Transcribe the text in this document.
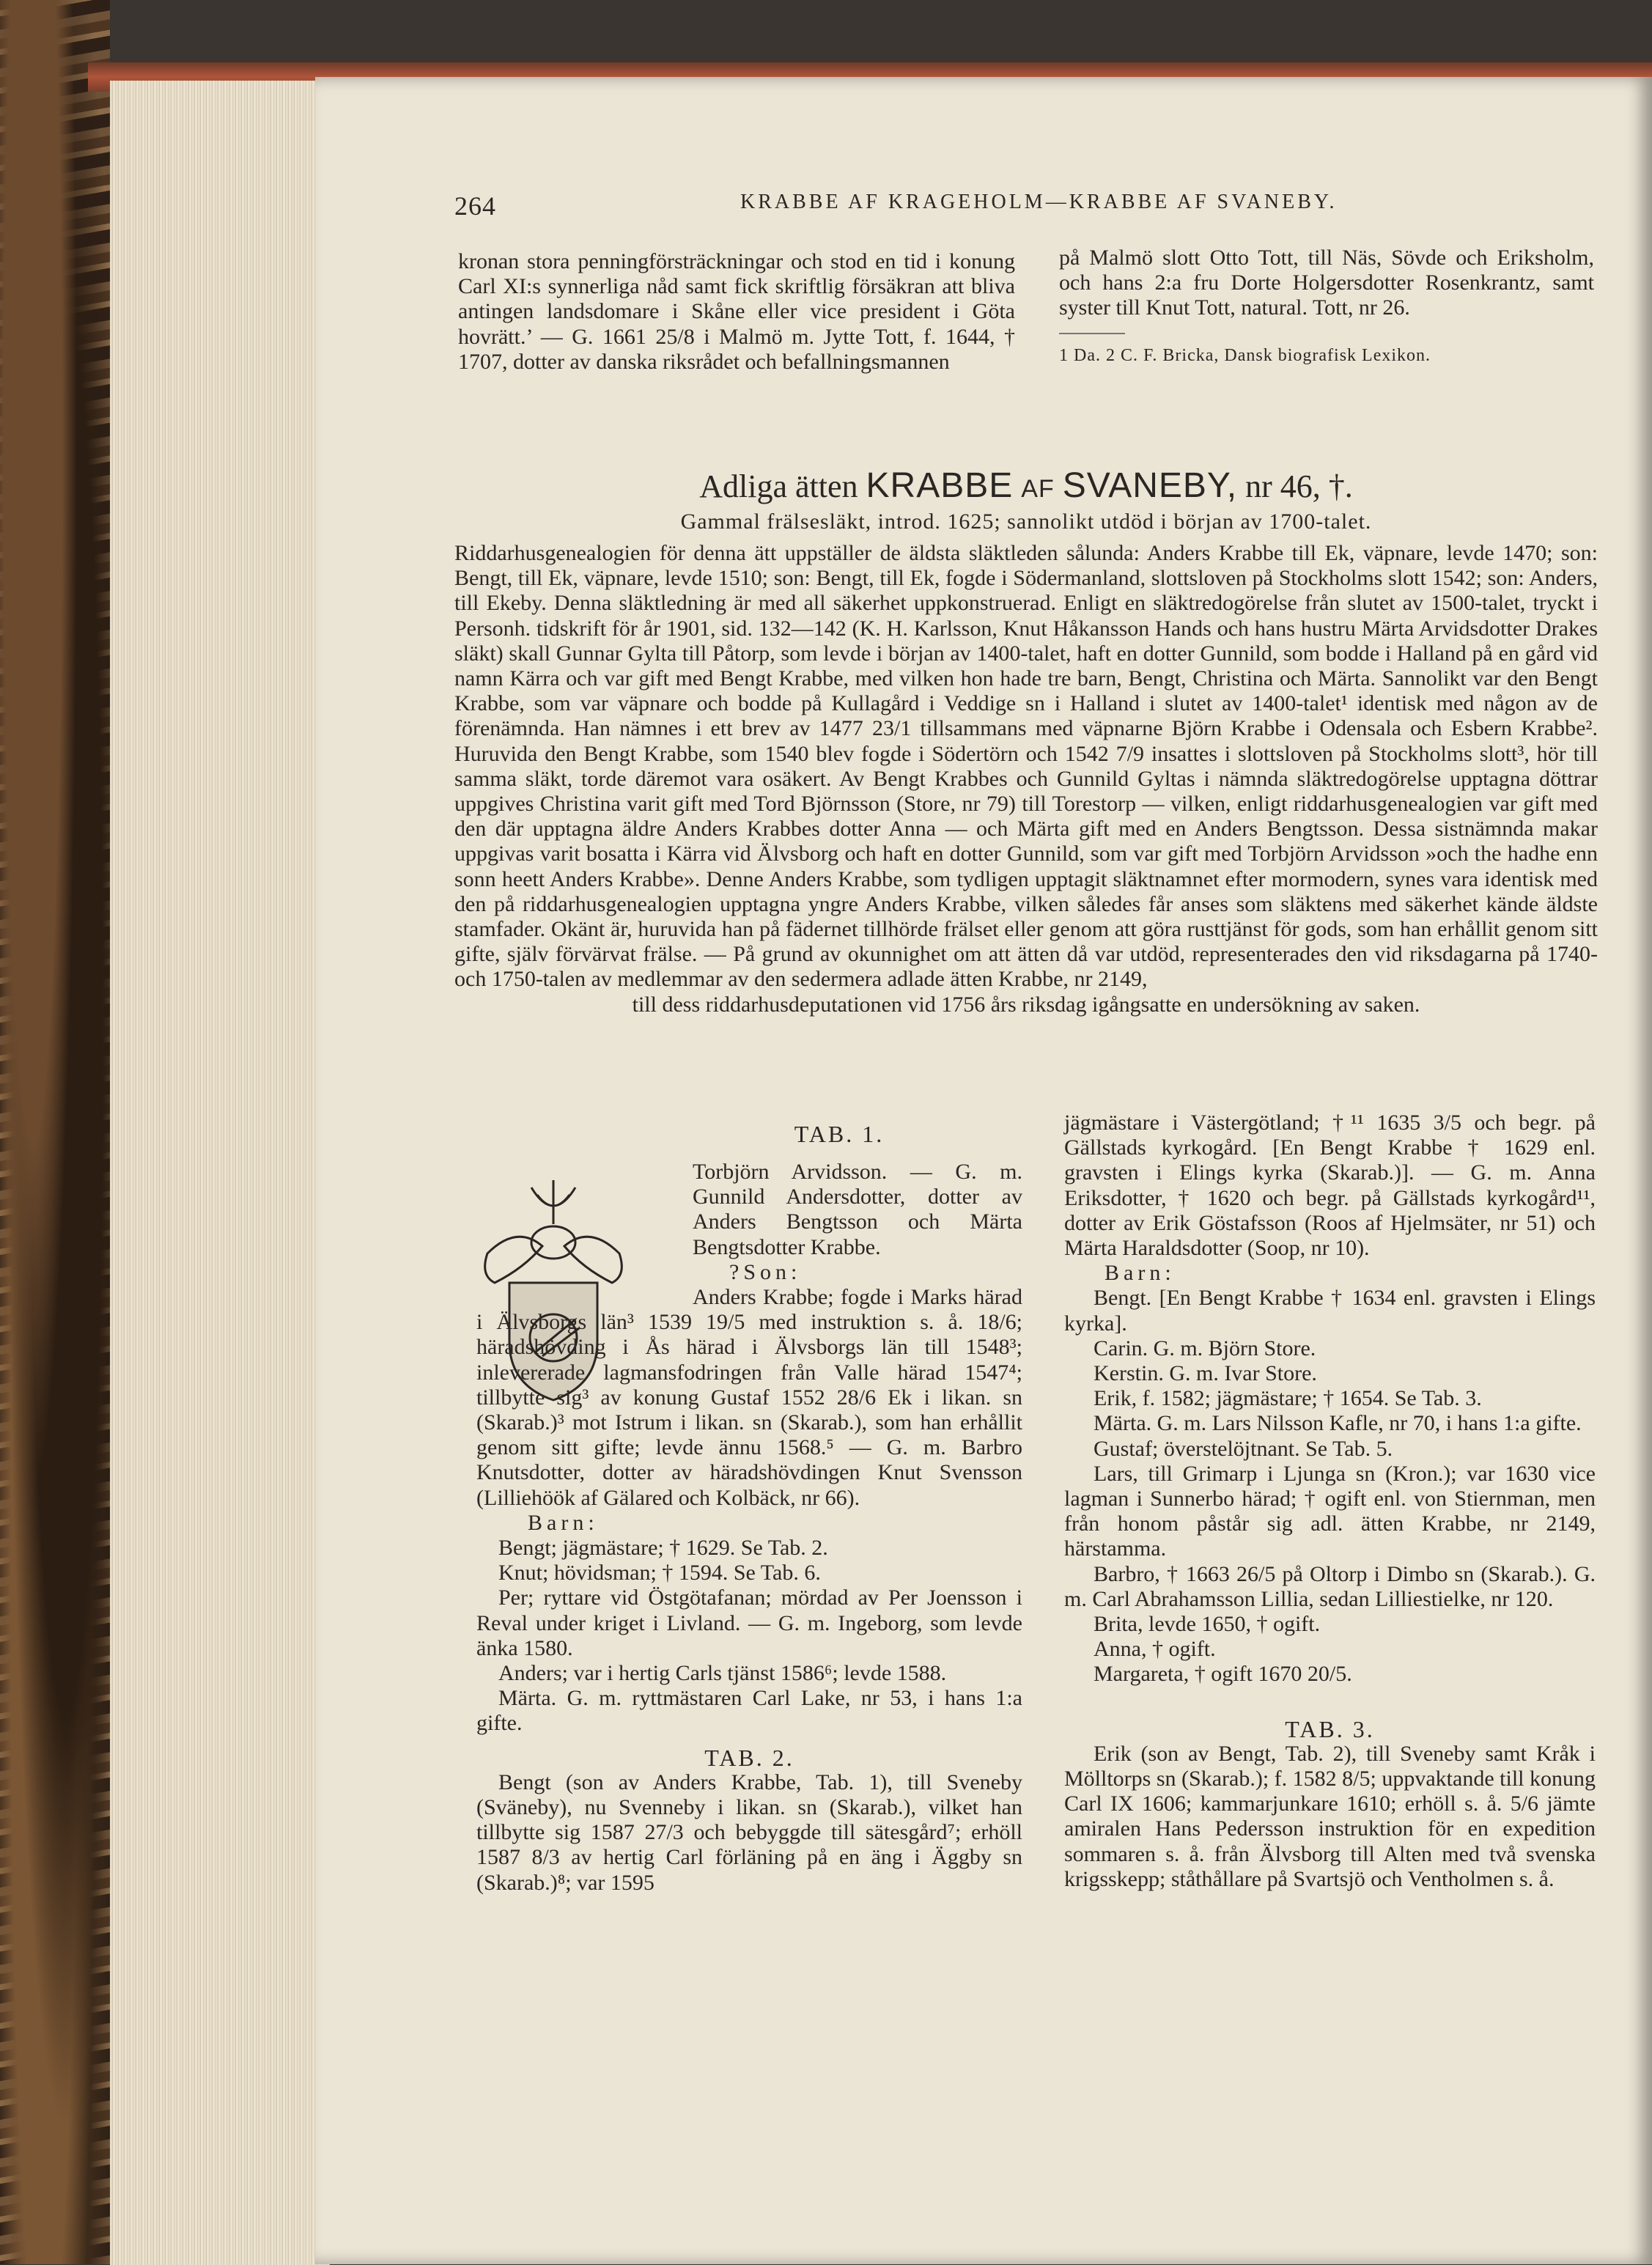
264	KRABBE AF KRAGEHOLM—KRABBE AF SVANEBY.

kronan stora penningförsträckningar och stod en tid i konung Carl XI:s synnerliga nåd samt fick skriftlig försäkran att bliva antingen landsdomare i Skåne eller vice president i Göta hovrätt.’ — G. 1661 25/8 i Malmö m. Jytte Tott, f. 1644, † 1707, dotter av danska riksrådet och befallningsmannen

på Malmö slott Otto Tott, till Näs, Sövde och Eriksholm, och hans 2:a fru Dorte Holgersdotter Rosenkrantz, samt syster till Knut Tott, natural. Tott, nr 26.

1 Da. 2 C. F. Bricka, Dansk biografisk Lexikon.

Adliga ätten KRABBE AF SVANEBY, nr 46, †.
Gammal frälsesläkt, introd. 1625; sannolikt utdöd i början av 1700-talet.

Riddarhusgenealogien för denna ätt uppställer de äldsta släktleden sålunda: Anders Krabbe till Ek, väpnare, levde 1470; son: Bengt, till Ek, väpnare, levde 1510; son: Bengt, till Ek, fogde i Södermanland, slottsloven på Stockholms slott 1542; son: Anders, till Ekeby. Denna släktledning är med all säkerhet uppkonstruerad. Enligt en släktredogörelse från slutet av 1500-talet, tryckt i Personh. tidskrift för år 1901, sid. 132—142 (K. H. Karlsson, Knut Håkansson Hands och hans hustru Märta Arvidsdotter Drakes släkt) skall Gunnar Gylta till Påtorp, som levde i början av 1400-talet, haft en dotter Gunnild, som bodde i Halland på en gård vid namn Kärra och var gift med Bengt Krabbe, med vilken hon hade tre barn, Bengt, Christina och Märta. Sannolikt var den Bengt Krabbe, som var väpnare och bodde på Kullagård i Veddige sn i Halland i slutet av 1400-talet¹ identisk med någon av de förenämnda. Han nämnes i ett brev av 1477 23/1 tillsammans med väpnarne Björn Krabbe i Odensala och Esbern Krabbe². Huruvida den Bengt Krabbe, som 1540 blev fogde i Södertörn och 1542 7/9 insattes i slottsloven på Stockholms slott³, hör till samma släkt, torde däremot vara osäkert. Av Bengt Krabbes och Gunnild Gyltas i nämnda släktredogörelse upptagna döttrar uppgives Christina varit gift med Tord Björnsson (Store, nr 79) till Torestorp — vilken, enligt riddarhusgenealogien var gift med den där upptagna äldre Anders Krabbes dotter Anna — och Märta gift med en Anders Bengtsson. Dessa sistnämnda makar uppgivas varit bosatta i Kärra vid Älvsborg och haft en dotter Gunnild, som var gift med Torbjörn Arvidsson »och the hadhe enn sonn heett Anders Krabbe». Denne Anders Krabbe, som tydligen upptagit släktnamnet efter mormodern, synes vara identisk med den på riddarhusgenealogien upptagna yngre Anders Krabbe, vilken således får anses som släktens med säkerhet kände äldste stamfader. Okänt är, huruvida han på fädernet tillhörde frälset eller genom att göra rusttjänst för gods, som han erhållit genom sitt gifte, själv förvärvat frälse. — På grund av okunnighet om att ätten då var utdöd, representerades den vid riksdagarna på 1740- och 1750-talen av medlemmar av den sedermera adlade ätten Krabbe, nr 2149,

till dess riddarhusdeputationen vid 1756 års riksdag igångsatte en undersökning av saken.

TAB. 1.

Torbjörn Arvidsson. — G. m. Gunnild Andersdotter, dotter av Anders Bengtsson och Märta Bengtsdotter Krabbe.

?Son:

Anders Krabbe; fogde i Marks härad i Älvsborgs län³ 1539 19/5 med instruktion s. å. 18/6; häradshövding i Ås härad i Älvsborgs län till 1548³; inlevererade lagmansfodringen från Valle härad 1547⁴; tillbytte sig³ av konung Gustaf 1552 28/6 Ek i likan. sn (Skarab.)³ mot Istrum i likan. sn (Skarab.), som han erhållit genom sitt gifte; levde ännu 1568.⁵ — G. m. Barbro Knutsdotter, dotter av häradshövdingen Knut Svensson (Lilliehöök af Gälared och Kolbäck, nr 66).

Barn:

Bengt; jägmästare; † 1629. Se Tab. 2.

Knut; hövidsman; † 1594. Se Tab. 6.

Per; ryttare vid Östgötafanan; mördad av Per Joensson i Reval under kriget i Livland. — G. m. Ingeborg, som levde änka 1580.

Anders; var i hertig Carls tjänst 1586⁶; levde 1588.

Märta. G. m. ryttmästaren Carl Lake, nr 53, i hans 1:a gifte.

TAB. 2.

Bengt (son av Anders Krabbe, Tab. 1), till Sveneby (Sväneby), nu Svenneby i likan. sn (Skarab.), vilket han tillbytte sig 1587 27/3 och bebyggde till sätesgård⁷; erhöll 1587 8/3 av hertig Carl förläning på en äng i Äggby sn (Skarab.)⁸; var 1595

jägmästare i Västergötland; †¹¹ 1635 3/5 och begr. på Gällstads kyrkogård. [En Bengt Krabbe † 1629 enl. gravsten i Elings kyrka (Skarab.)]. — G. m. Anna Eriksdotter, † 1620 och begr. på Gällstads kyrkogård¹¹, dotter av Erik Göstafsson (Roos af Hjelmsäter, nr 51) och Märta Haraldsdotter (Soop, nr 10).

Barn:

Bengt. [En Bengt Krabbe † 1634 enl. gravsten i Elings kyrka].

Carin. G. m. Björn Store.

Kerstin. G. m. Ivar Store.

Erik, f. 1582; jägmästare; † 1654. Se Tab. 3.

Märta. G. m. Lars Nilsson Kafle, nr 70, i hans 1:a gifte.

Gustaf; överstelöjtnant. Se Tab. 5.

Lars, till Grimarp i Ljunga sn (Kron.); var 1630 vice lagman i Sunnerbo härad; † ogift enl. von Stiernman, men från honom påstår sig adl. ätten Krabbe, nr 2149, härstamma.

Barbro, † 1663 26/5 på Oltorp i Dimbo sn (Skarab.). G. m. Carl Abrahamsson Lillia, sedan Lilliestielke, nr 120.

Brita, levde 1650, † ogift.

Anna, † ogift.

Margareta, † ogift 1670 20/5.

TAB. 3.

Erik (son av Bengt, Tab. 2), till Sveneby samt Kråk i Mölltorps sn (Skarab.); f. 1582 8/5; uppvaktande till konung Carl IX 1606; kammarjunkare 1610; erhöll s. å. 5/6 jämte amiralen Hans Pedersson instruktion för en expedition sommaren s. å. från Älvsborg till Alten med två svenska krigsskepp; ståthållare på Svartsjö och Ventholmen s. å.
